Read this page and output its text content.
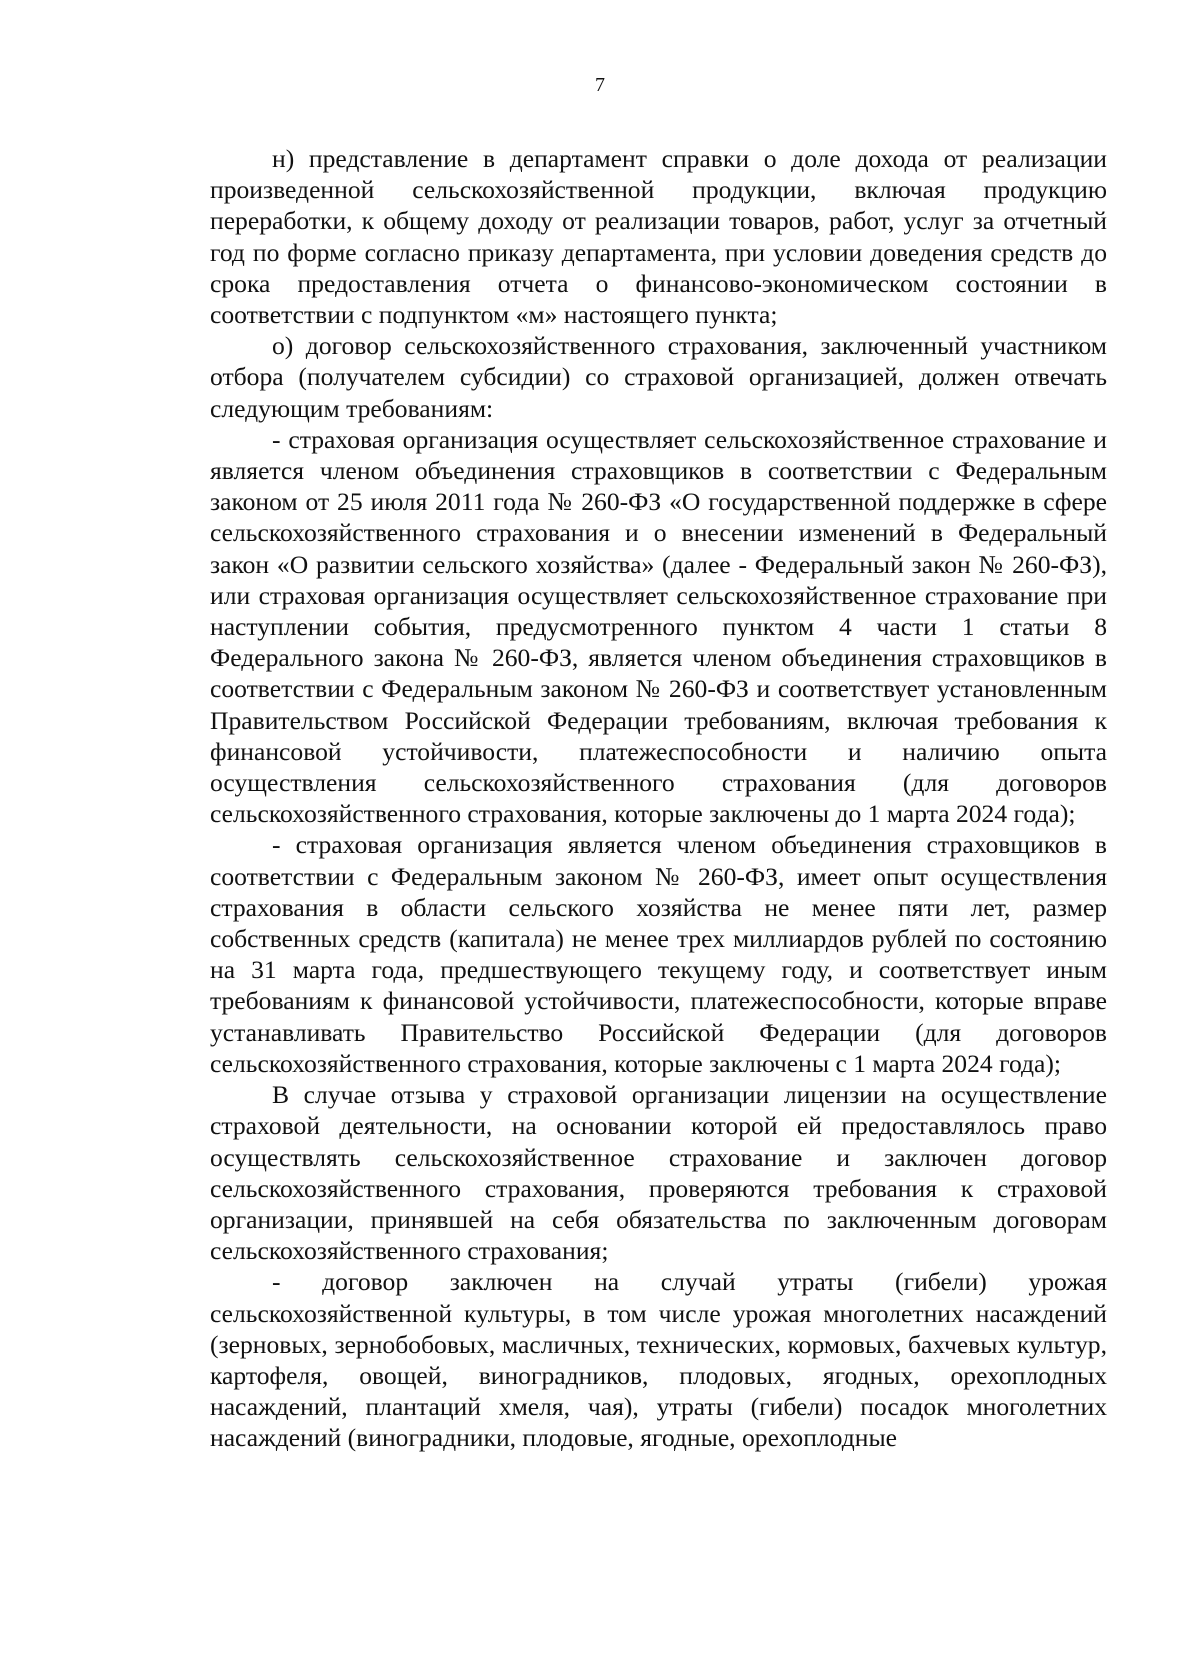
7

н) представление в департамент справки о доле дохода от реализации произведенной сельскохозяйственной продукции, включая продукцию переработки, к общему доходу от реализации товаров, работ, услуг за отчетный год по форме согласно приказу департамента, при условии доведения средств до срока предоставления отчета о финансово-экономическом состоянии в соответствии с подпунктом «м» настоящего пункта;

о) договор сельскохозяйственного страхования, заключенный участником отбора (получателем субсидии) со страховой организацией, должен отвечать следующим требованиям:

- страховая организация осуществляет сельскохозяйственное страхование и является членом объединения страховщиков в соответствии с Федеральным законом от 25 июля 2011 года № 260-ФЗ «О государственной поддержке в сфере сельскохозяйственного страхования и о внесении изменений в Федеральный закон «О развитии сельского хозяйства» (далее - Федеральный закон № 260-ФЗ), или страховая организация осуществляет сельскохозяйственное страхование при наступлении события, предусмотренного пунктом 4 части 1 статьи 8 Федерального закона № 260-ФЗ, является членом объединения страховщиков в соответствии с Федеральным законом № 260-ФЗ и соответствует установленным Правительством Российской Федерации требованиям, включая требования к финансовой устойчивости, платежеспособности и наличию опыта осуществления сельскохозяйственного страхования (для договоров сельскохозяйственного страхования, которые заключены до 1 марта 2024 года);

- страховая организация является членом объединения страховщиков в соответствии с Федеральным законом № 260-ФЗ, имеет опыт осуществления страхования в области сельского хозяйства не менее пяти лет, размер собственных средств (капитала) не менее трех миллиардов рублей по состоянию на 31 марта года, предшествующего текущему году, и соответствует иным требованиям к финансовой устойчивости, платежеспособности, которые вправе устанавливать Правительство Российской Федерации (для договоров сельскохозяйственного страхования, которые заключены с 1 марта 2024 года);

В случае отзыва у страховой организации лицензии на осуществление страховой деятельности, на основании которой ей предоставлялось право осуществлять сельскохозяйственное страхование и заключен договор сельскохозяйственного страхования, проверяются требования к страховой организации, принявшей на себя обязательства по заключенным договорам сельскохозяйственного страхования;

- договор заключен на случай утраты (гибели) урожая сельскохозяйственной культуры, в том числе урожая многолетних насаждений (зерновых, зернобобовых, масличных, технических, кормовых, бахчевых культур, картофеля, овощей, виноградников, плодовых, ягодных, орехоплодных насаждений, плантаций хмеля, чая), утраты (гибели) посадок многолетних насаждений (виноградники, плодовые, ягодные, орехоплодные
